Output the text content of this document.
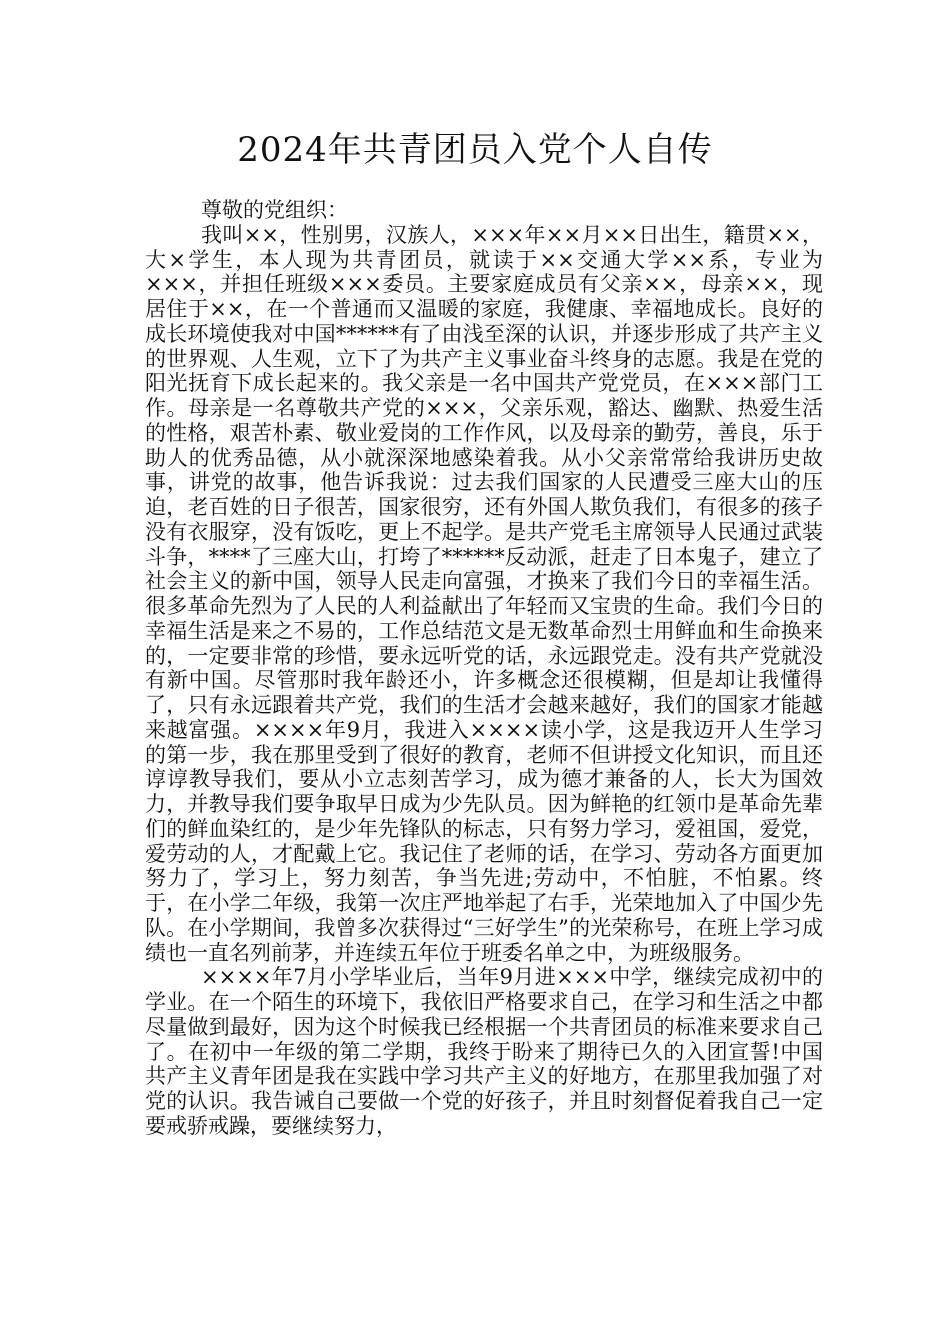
2024年共青团员入党个人自传

尊敬的党组织：

我叫××，性别男，汉族人，×××年××月××日出生，籍贯××，大×学生，本人现为共青团员，就读于××交通大学××系，专业为×××，并担任班级×××委员。主要家庭成员有父亲××，母亲××，现居住于××，在一个普通而又温暖的家庭，我健康、幸福地成长。良好的成长环境使我对中国******有了由浅至深的认识，并逐步形成了共产主义的世界观、人生观，立下了为共产主义事业奋斗终身的志愿。我是在党的阳光抚育下成长起来的。我父亲是一名中国共产党党员，在×××部门工作。母亲是一名尊敬共产党的×××，父亲乐观，豁达、幽默、热爱生活的性格，艰苦朴素、敬业爱岗的工作作风，以及母亲的勤劳，善良，乐于助人的优秀品德，从小就深深地感染着我。从小父亲常常给我讲历史故事，讲党的故事，他告诉我说：过去我们国家的人民遭受三座大山的压迫，老百姓的日子很苦，国家很穷，还有外国人欺负我们，有很多的孩子没有衣服穿，没有饭吃，更上不起学。是共产党毛主席领导人民通过武装斗争，****了三座大山，打垮了******反动派，赶走了日本鬼子，建立了社会主义的新中国，领导人民走向富强，才换来了我们今日的幸福生活。很多革命先烈为了人民的人利益献出了年轻而又宝贵的生命。我们今日的幸福生活是来之不易的，工作总结范文是无数革命烈士用鲜血和生命换来的，一定要非常的珍惜，要永远听党的话，永远跟党走。没有共产党就没有新中国。尽管那时我年龄还小，许多概念还很模糊，但是却让我懂得了，只有永远跟着共产党，我们的生活才会越来越好，我们的国家才能越来越富强。××××年9月，我进入××××读小学，这是我迈开人生学习的第一步，我在那里受到了很好的教育，老师不但讲授文化知识，而且还谆谆教导我们，要从小立志刻苦学习，成为德才兼备的人，长大为国效力，并教导我们要争取早日成为少先队员。因为鲜艳的红领巾是革命先辈们的鲜血染红的，是少年先锋队的标志，只有努力学习，爱祖国，爱党，爱劳动的人，才配戴上它。我记住了老师的话，在学习、劳动各方面更加努力了，学习上，努力刻苦，争当先进;劳动中，不怕脏，不怕累。终于，在小学二年级，我第一次庄严地举起了右手，光荣地加入了中国少先队。在小学期间，我曾多次获得过“三好学生”的光荣称号，在班上学习成绩也一直名列前茅，并连续五年位于班委名单之中，为班级服务。

××××年7月小学毕业后，当年9月进×××中学，继续完成初中的学业。在一个陌生的环境下，我依旧严格要求自己，在学习和生活之中都尽量做到最好，因为这个时候我已经根据一个共青团员的标准来要求自己了。在初中一年级的第二学期，我终于盼来了期待已久的入团宣誓!中国共产主义青年团是我在实践中学习共产主义的好地方，在那里我加强了对党的认识。我告诫自己要做一个党的好孩子，并且时刻督促着我自己一定要戒骄戒躁，要继续努力，
